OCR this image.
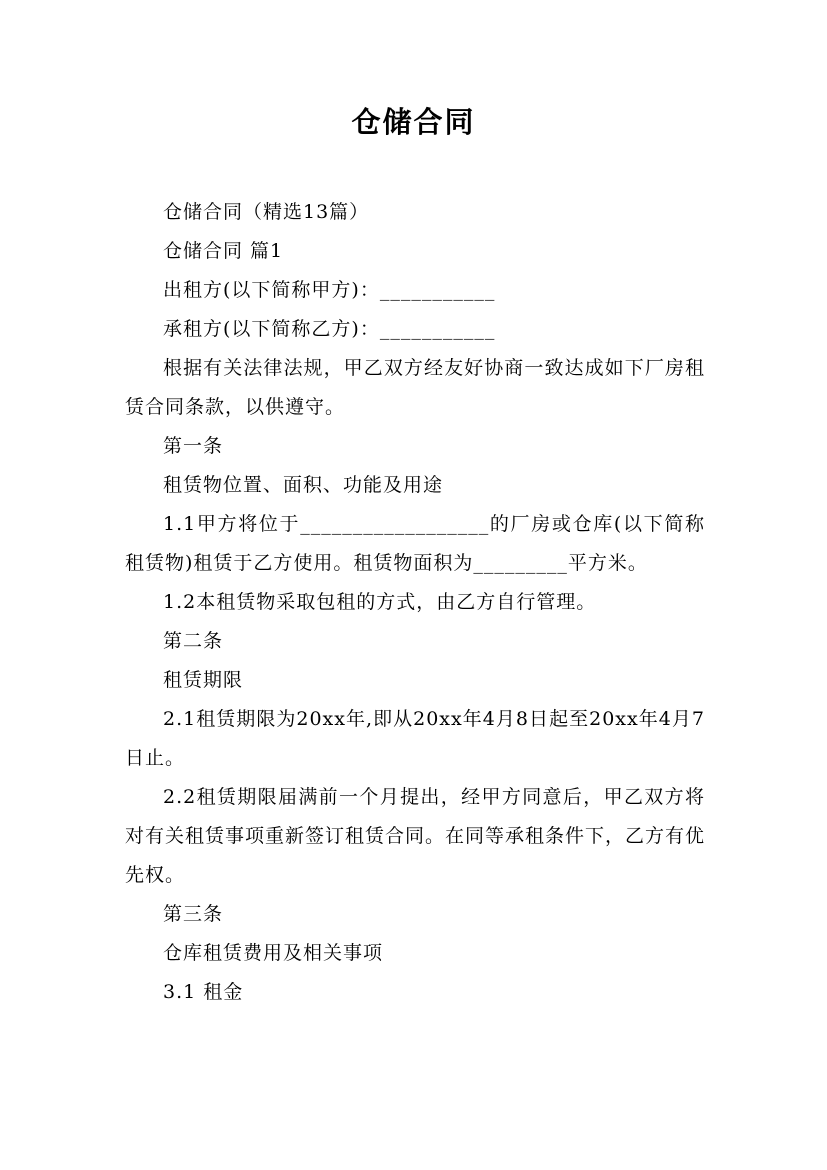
仓储合同

仓储合同（精选13篇）

仓储合同 篇1

出租方(以下简称甲方)：___________

承租方(以下简称乙方)：___________

根据有关法律法规，甲乙双方经友好协商一致达成如下厂房租赁合同条款，以供遵守。

第一条

租赁物位置、面积、功能及用途

1.1甲方将位于__________________的厂房或仓库(以下简称租赁物)租赁于乙方使用。租赁物面积为_________平方米。

1.2本租赁物采取包租的方式，由乙方自行管理。

第二条

租赁期限

2.1租赁期限为20xx年,即从20xx年4月8日起至20xx年4月7日止。

2.2租赁期限届满前一个月提出，经甲方同意后，甲乙双方将对有关租赁事项重新签订租赁合同。在同等承租条件下，乙方有优先权。

第三条

仓库租赁费用及相关事项

3.1 租金
